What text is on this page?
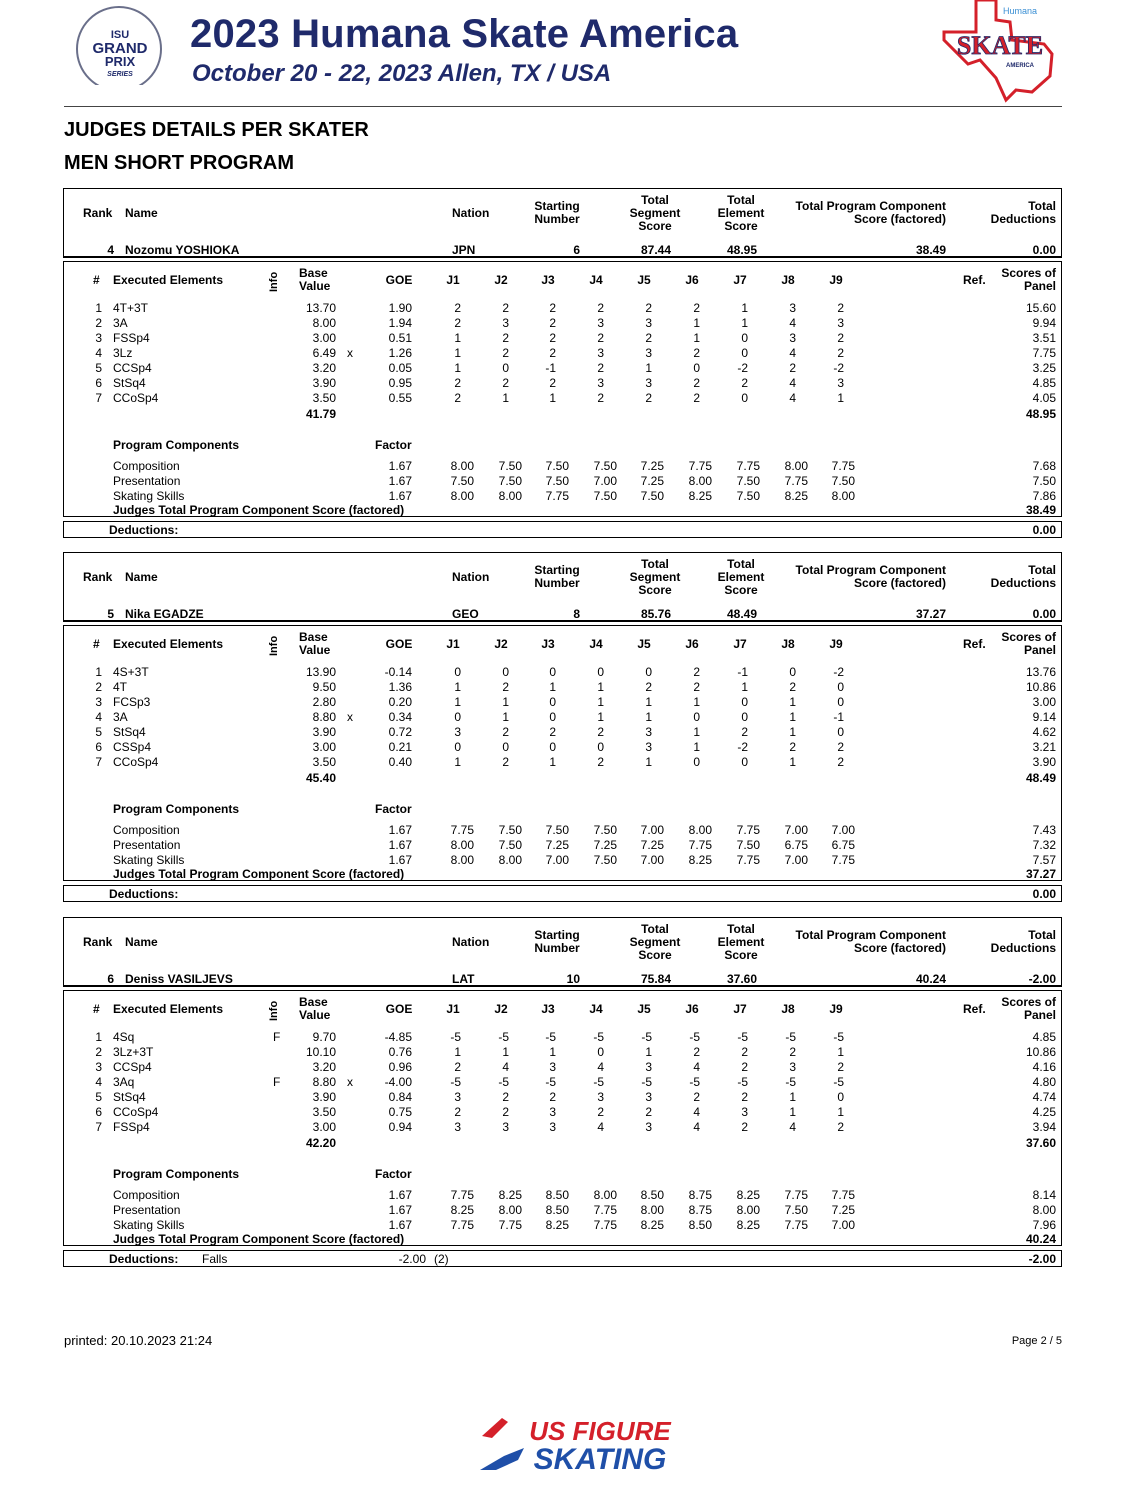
ISU
GRAND
PRIX
SERIES
2023 Humana Skate America
October 20 - 22, 2023 Allen, TX / USA
Humana
SKATE
AMERICA
JUDGES DETAILS PER SKATER
MEN SHORT PROGRAM
Rank Name	Nation	Starting
Number
Total
Segment
Score
Total
Element
Score
Total Program Component
Score (factored)
Total
Deductions
4 Nozomu YOSHIOKA	JPN	6	87.44	48.95	38.49	0.00
# Executed Elements	Info Base
Value	GOE	J1	J2	J3	J4	J5	J6	J7	J8	J9	Ref.	Scores of
Panel
1 4T+3T	13.70	1.90	2	2	2	2	2	2	1	3	2	15.60
2 3A	8.00	1.94	2	3	2	3	3	1	1	4	3	9.94
3 FSSp4	3.00	0.51	1	2	2	2	2	1	0	3	2	3.51
4 3Lz	6.49 x	1.26	1	2	2	3	3	2	0	4	2	7.75
5 CCSp4	3.20	0.05	1	0	-1	2	1	0	-2	2	-2	3.25
6 StSq4	3.90	0.95	2	2	2	3	3	2	2	4	3	4.85
7 CCoSp4	3.50	0.55	2	1	1	2	2	2	0	4	1	4.05
41.79	48.95
Program Components	Factor
Composition	1.67	8.00	7.50	7.50	7.50	7.25	7.75	7.75	8.00	7.75	7.68
Presentation	1.67	7.50	7.50	7.50	7.00	7.25	8.00	7.50	7.75	7.50	7.50
Skating Skills	1.67	8.00	8.00	7.75	7.50	7.50	8.25	7.50	8.25	8.00	7.86
Judges Total Program Component Score (factored)	38.49
Deductions:	0.00
Rank Name	Nation	Starting
Number
Total
Segment
Score
Total
Element
Score
Total Program Component
Score (factored)
Total
Deductions
5 Nika EGADZE	GEO	8	85.76	48.49	37.27	0.00
# Executed Elements	Info Base
Value	GOE	J1	J2	J3	J4	J5	J6	J7	J8	J9	Ref.	Scores of
Panel
1 4S+3T	13.90	-0.14	0	0	0	0	0	2	-1	0	-2	13.76
2 4T	9.50	1.36	1	2	1	1	2	2	1	2	0	10.86
3 FCSp3	2.80	0.20	1	1	0	1	1	1	0	1	0	3.00
4 3A	8.80 x	0.34	0	1	0	1	1	0	0	1	-1	9.14
5 StSq4	3.90	0.72	3	2	2	2	3	1	2	1	0	4.62
6 CSSp4	3.00	0.21	0	0	0	0	3	1	-2	2	2	3.21
7 CCoSp4	3.50	0.40	1	2	1	2	1	0	0	1	2	3.90
45.40	48.49
Program Components	Factor
Composition	1.67	7.75	7.50	7.50	7.50	7.00	8.00	7.75	7.00	7.00	7.43
Presentation	1.67	8.00	7.50	7.25	7.25	7.25	7.75	7.50	6.75	6.75	7.32
Skating Skills	1.67	8.00	8.00	7.00	7.50	7.00	8.25	7.75	7.00	7.75	7.57
Judges Total Program Component Score (factored)	37.27
Deductions:	0.00
Rank Name	Nation	Starting
Number
Total
Segment
Score
Total
Element
Score
Total Program Component
Score (factored)
Total
Deductions
6 Deniss VASILJEVS	LAT	10	75.84	37.60	40.24	-2.00
# Executed Elements	Info Base
Value	GOE	J1	J2	J3	J4	J5	J6	J7	J8	J9	Ref.	Scores of
Panel
1 4Sq	F	9.70	-4.85	-5	-5	-5	-5	-5	-5	-5	-5	-5	4.85
2 3Lz+3T	10.10	0.76	1	1	1	0	1	2	2	2	1	10.86
3 CCSp4	3.20	0.96	2	4	3	4	3	4	2	3	2	4.16
4 3Aq	F	8.80 x	-4.00	-5	-5	-5	-5	-5	-5	-5	-5	-5	4.80
5 StSq4	3.90	0.84	3	2	2	3	3	2	2	1	0	4.74
6 CCoSp4	3.50	0.75	2	2	3	2	2	4	3	1	1	4.25
7 FSSp4	3.00	0.94	3	3	3	4	3	4	2	4	2	3.94
42.20	37.60
Program Components	Factor
Composition	1.67	7.75	8.25	8.50	8.00	8.50	8.75	8.25	7.75	7.75	8.14
Presentation	1.67	8.25	8.00	8.50	7.75	8.00	8.75	8.00	7.50	7.25	8.00
Skating Skills	1.67	7.75	7.75	8.25	7.75	8.25	8.50	8.25	7.75	7.00	7.96
Judges Total Program Component Score (factored)	40.24
Deductions: Falls	-2.00 (2)	-2.00
printed: 20.10.2023 21:24	Page 2 / 5
US FIGURE
SKATING
